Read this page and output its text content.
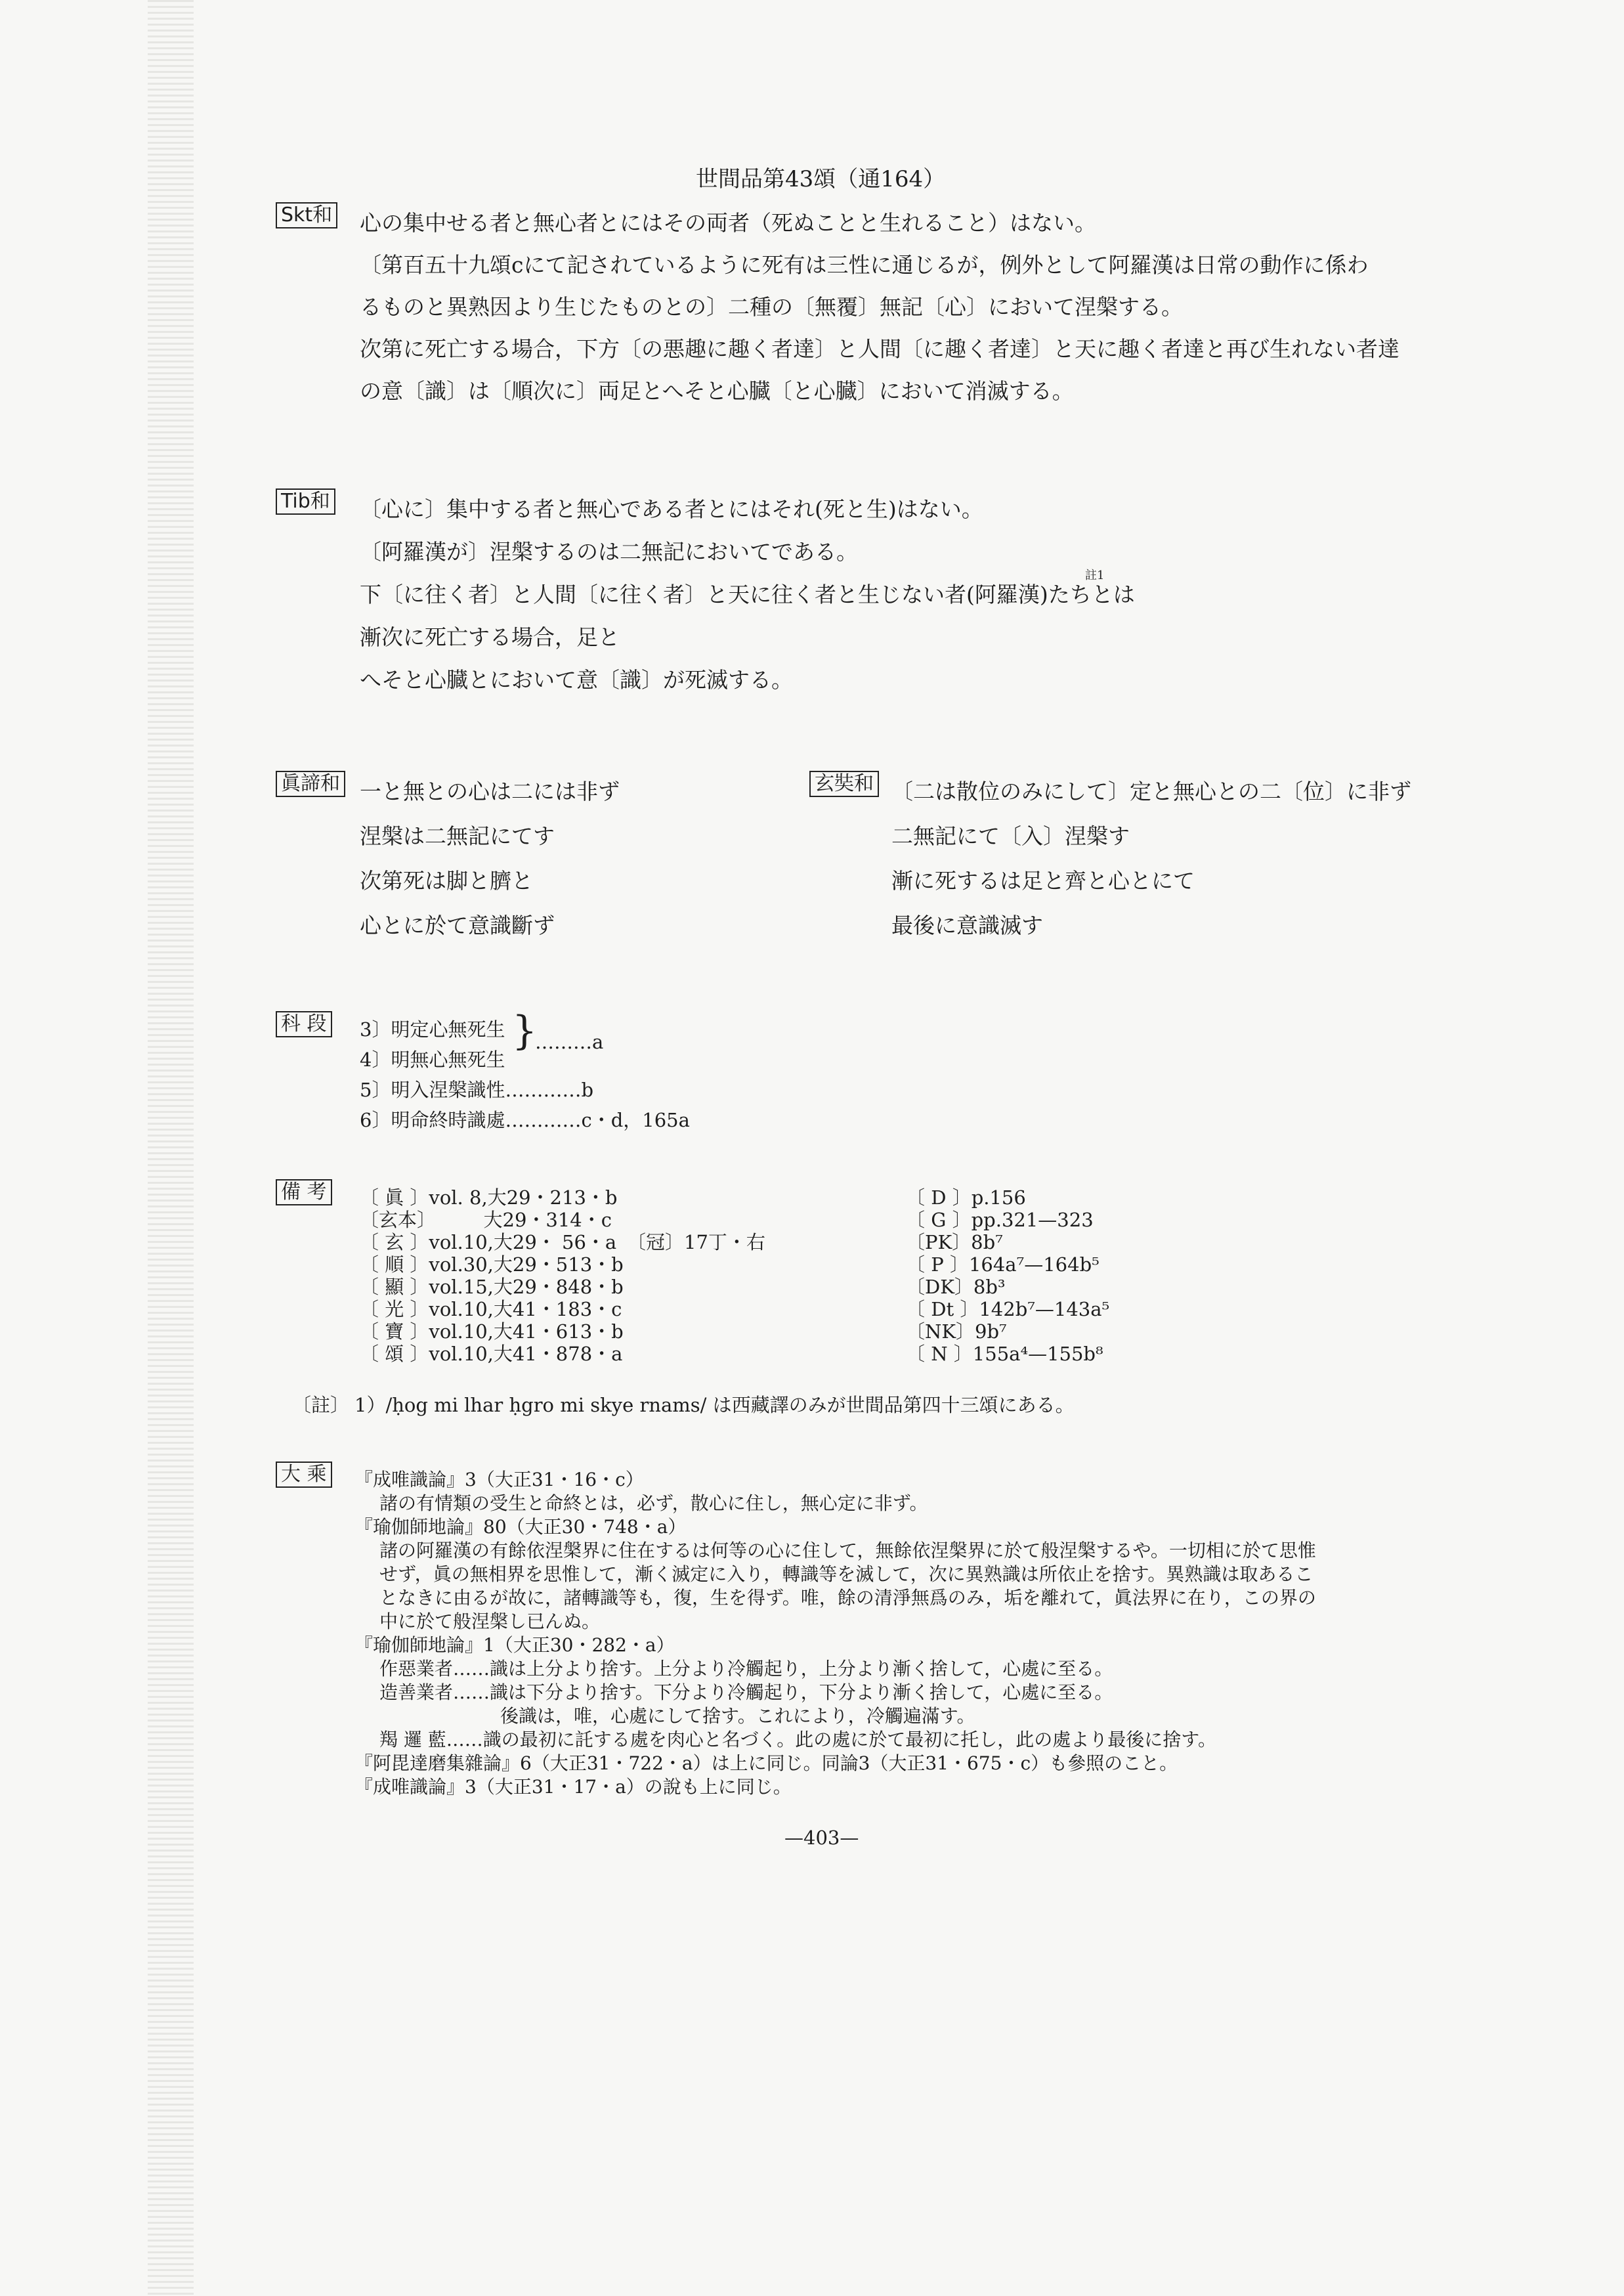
世間品第43頌（通164）
Skt和 心の集中せる者と無心者とにはその両者（死ぬことと生れること）はない。
〔第百五十九頌cにて記されているように死有は三性に通じるが，例外として阿羅漢は日常の動作に係わ
るものと異熟因より生じたものとの〕二種の〔無覆〕無記〔心〕において涅槃する。
次第に死亡する場合，下方〔の悪趣に趣く者達〕と人間〔に趣く者達〕と天に趣く者達と再び生れない者達
の意〔識〕は〔順次に〕両足とへそと心臓〔と心臓〕において消滅する。
Tib和 〔心に〕集中する者と無心である者とにはそれ(死と生)はない。
〔阿羅漢が〕涅槃するのは二無記においてである。
註1
下〔に往く者〕と人間〔に往く者〕と天に往く者と生じない者(阿羅漢)たちとは
漸次に死亡する場合，足と
へそと心臓とにおいて意〔識〕が死滅する。
眞諦和 一と無との心は二には非ず
涅槃は二無記にてす
次第死は脚と臍と
心とに於て意識斷ず
玄奘和 〔二は散位のみにして〕定と無心との二〔位〕に非ず
二無記にて〔入〕涅槃す
漸に死するは足と齊と心とにて
最後に意識滅す
科 段 3〕明定心無死生
4〕明無心無死生
}
………a
5〕明入涅槃識性…………b
6〕明命終時識處…………c・d，165a
備 考 〔 眞 〕vol. 8,大29・213・b
〔玄本〕　　　大29・314・c
〔 玄 〕vol.10,大29・ 56・a 〔冠〕17丁・右
〔 順 〕vol.30,大29・513・b
〔 顯 〕vol.15,大29・848・b
〔 光 〕vol.10,大41・183・c
〔 寶 〕vol.10,大41・613・b
〔 頌 〕vol.10,大41・878・a
〔 D 〕p.156
〔 G 〕pp.321—323
〔PK〕8b⁷
〔 P 〕164a⁷—164b⁵
〔DK〕8b³
〔 Dt 〕142b⁷—143a⁵
〔NK〕9b⁷
〔 N 〕155a⁴—155b⁸
〔註〕 1）/ḥog mi lhar ḥgro mi skye rnams/ は西藏譯のみが世間品第四十三頌にある。
大 乘 『成唯識論』3（大正31・16・c）
諸の有情類の受生と命終とは，必ず，散心に住し，無心定に非ず。
『瑜伽師地論』80（大正30・748・a）
諸の阿羅漢の有餘依涅槃界に住在するは何等の心に住して，無餘依涅槃界に於て般涅槃するや。一切相に於て思惟
せず，眞の無相界を思惟して，漸く滅定に入り，轉識等を滅して，次に異熟識は所依止を捨す。異熟識は取あるこ
となきに由るが故に，諸轉識等も，復，生を得ず。唯，餘の清淨無爲のみ，垢を離れて，眞法界に在り，この界の
中に於て般涅槃し已んぬ。
『瑜伽師地論』1（大正30・282・a）
作惡業者……識は上分より捨す。上分より冷觸起り，上分より漸く捨して，心處に至る。
造善業者……識は下分より捨す。下分より冷觸起り，下分より漸く捨して，心處に至る。
後識は，唯，心處にして捨す。これにより，冷觸遍滿す。
羯 邏 藍……識の最初に託する處を肉心と名づく。此の處に於て最初に托し，此の處より最後に捨す。
『阿毘達磨集雜論』6（大正31・722・a）は上に同じ。同論3（大正31・675・c）も參照のこと。
『成唯識論』3（大正31・17・a）の說も上に同じ。
—403—
